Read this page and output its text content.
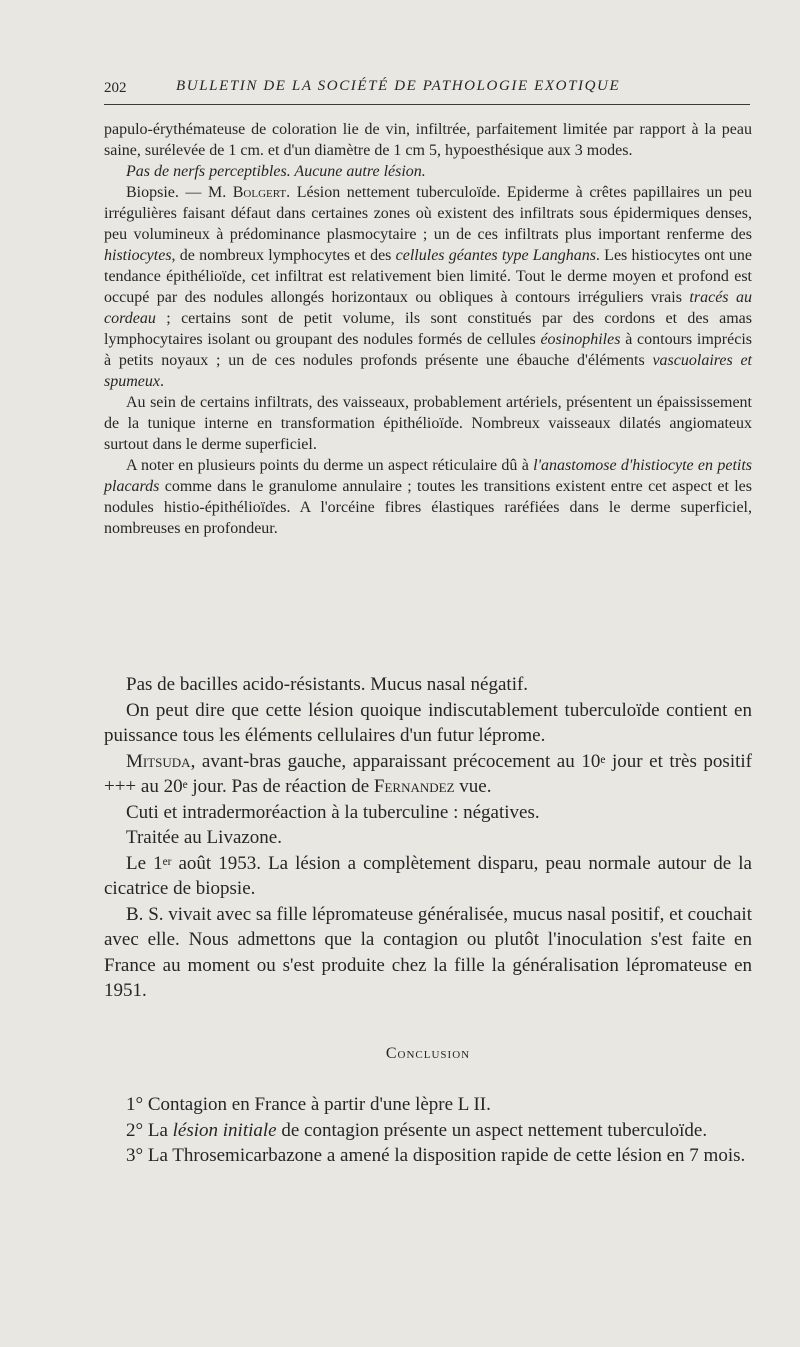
202	BULLETIN DE LA SOCIÉTÉ DE PATHOLOGIE EXOTIQUE

papulo-érythémateuse de coloration lie de vin, infiltrée, parfaitement limitée par rapport à la peau saine, surélevée de 1 cm. et d'un diamètre de 1 cm 5, hypoesthésique aux 3 modes.

Pas de nerfs perceptibles. Aucune autre lésion.

Biopsie. — M. Bolgert. Lésion nettement tuberculoïde. Epiderme à crêtes papillaires un peu irrégulières faisant défaut dans certaines zones où existent des infiltrats sous épidermiques denses, peu volumineux à prédominance plasmocytaire ; un de ces infiltrats plus important renferme des histiocytes, de nombreux lymphocytes et des cellules géantes type Langhans. Les histiocytes ont une tendance épithélioïde, cet infiltrat est relativement bien limité. Tout le derme moyen et profond est occupé par des nodules allongés horizontaux ou obliques à contours irréguliers vrais tracés au cordeau ; certains sont de petit volume, ils sont constitués par des cordons et des amas lymphocytaires isolant ou groupant des nodules formés de cellules éosinophiles à contours imprécis à petits noyaux ; un de ces nodules profonds présente une ébauche d'éléments vascuolaires et spumeux.

Au sein de certains infiltrats, des vaisseaux, probablement artériels, présentent un épaississement de la tunique interne en transformation épithélioïde. Nombreux vaisseaux dilatés angiomateux surtout dans le derme superficiel.

A noter en plusieurs points du derme un aspect réticulaire dû à l'anastomose d'histiocyte en petits placards comme dans le granulome annulaire ; toutes les transitions existent entre cet aspect et les nodules histio-épithélioïdes. A l'orcéine fibres élastiques raréfiées dans le derme superficiel, nombreuses en profondeur.

Pas de bacilles acido-résistants. Mucus nasal négatif.

On peut dire que cette lésion quoique indiscutablement tuberculoïde contient en puissance tous les éléments cellulaires d'un futur léprome.

Mitsuda, avant-bras gauche, apparaissant précocement au 10e jour et très positif +++ au 20e jour. Pas de réaction de Fernandez vue.

Cuti et intradermoréaction à la tuberculine : négatives.

Traitée au Livazone.

Le 1er août 1953. La lésion a complètement disparu, peau normale autour de la cicatrice de biopsie.

B. S. vivait avec sa fille lépromateuse généralisée, mucus nasal positif, et couchait avec elle. Nous admettons que la contagion ou plutôt l'inoculation s'est faite en France au moment ou s'est produite chez la fille la généralisation lépromateuse en 1951.

Conclusion

1° Contagion en France à partir d'une lèpre L II.

2° La lésion initiale de contagion présente un aspect nettement tuberculoïde.

3° La Throsemicarbazone a amené la disposition rapide de cette lésion en 7 mois.
